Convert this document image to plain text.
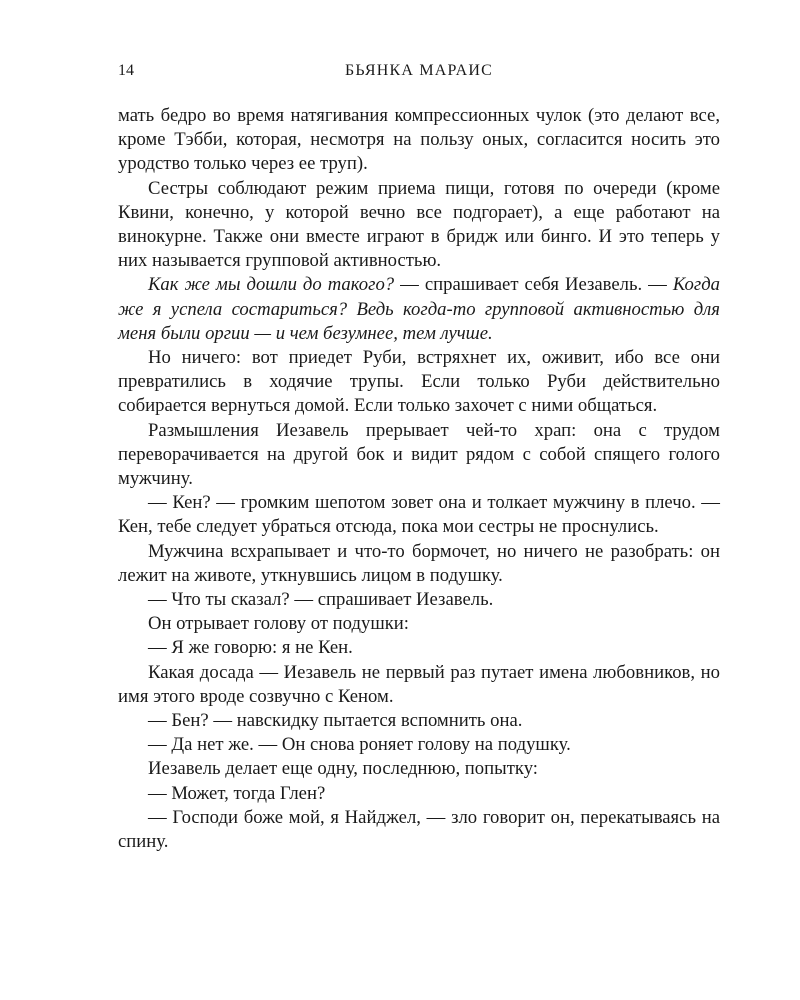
14	БЬЯНКА МАРАИС

мать бедро во время натягивания компрессионных чулок (это делают все, кроме Тэбби, которая, несмотря на пользу оных, согласится носить это уродство только через ее труп).

Сестры соблюдают режим приема пищи, готовя по очереди (кроме Квини, конечно, у которой вечно все подгорает), а еще работают на винокурне. Также они вместе играют в бридж или бинго. И это теперь у них называется групповой активностью.

Как же мы дошли до такого? — спрашивает себя Иезавель. — Когда же я успела состариться? Ведь когда-то групповой активностью для меня были оргии — и чем безумнее, тем лучше.

Но ничего: вот приедет Руби, встряхнет их, оживит, ибо все они превратились в ходячие трупы. Если только Руби действительно собирается вернуться домой. Если только захочет с ними общаться.

Размышления Иезавель прерывает чей-то храп: она с трудом переворачивается на другой бок и видит рядом с собой спящего голого мужчину.

— Кен? — громким шепотом зовет она и толкает мужчину в плечо. — Кен, тебе следует убраться отсюда, пока мои сестры не проснулись.

Мужчина всхрапывает и что-то бормочет, но ничего не разобрать: он лежит на животе, уткнувшись лицом в подушку.

— Что ты сказал? — спрашивает Иезавель.

Он отрывает голову от подушки:

— Я же говорю: я не Кен.

Какая досада — Иезавель не первый раз путает имена любовников, но имя этого вроде созвучно с Кеном.

— Бен? — навскидку пытается вспомнить она.

— Да нет же. — Он снова роняет голову на подушку.

Иезавель делает еще одну, последнюю, попытку:

— Может, тогда Глен?

— Господи боже мой, я Найджел, — зло говорит он, перекатываясь на спину.
